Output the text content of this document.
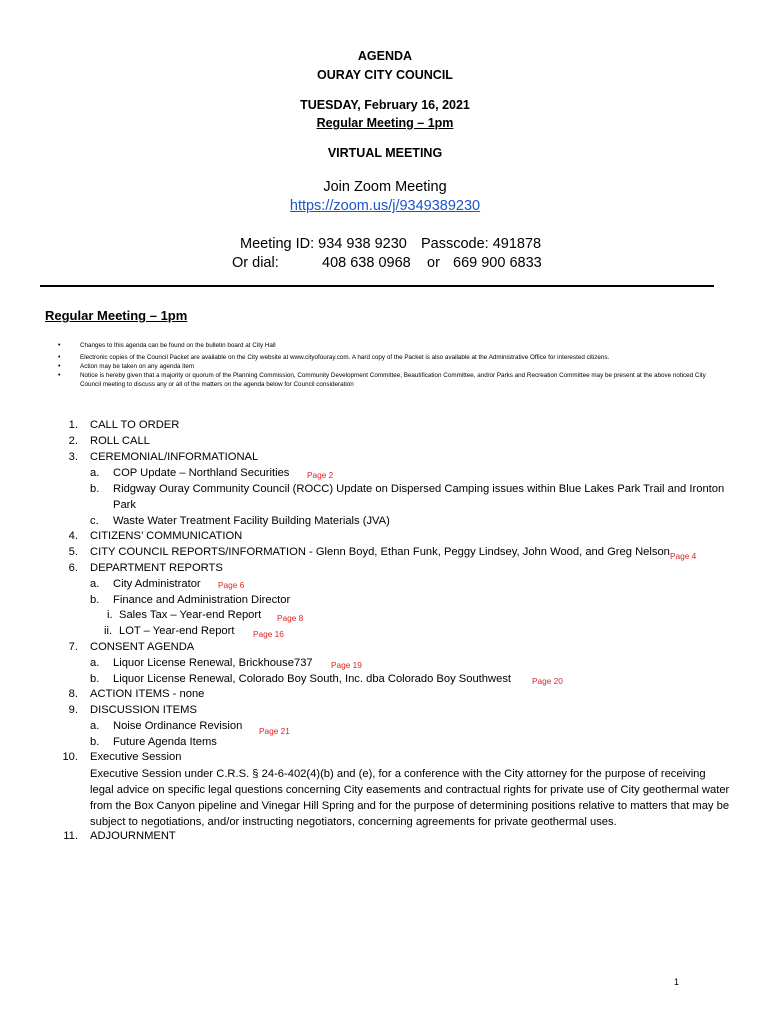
AGENDA
OURAY CITY COUNCIL
TUESDAY, February 16, 2021
Regular Meeting – 1pm
VIRTUAL MEETING
Join Zoom Meeting
https://zoom.us/j/9349389230
Meeting ID: 934 938 9230 Passcode: 491878
Or dial:	408 638 0968 or 669 900 6833
Regular Meeting – 1pm
• Changes to this agenda can be found on the bulletin board at City Hall
• Electronic copies of the Council Packet are available on the City website at www.cityofouray.com. A hard copy of the Packet is also available at the Administrative Office for interested citizens.
• Action may be taken on any agenda item
• Notice is hereby given that a majority or quorum of the Planning Commission, Community Development Committee, Beautification Committee, and/or Parks and Recreation Committee may be present at the above noticed City Council meeting to discuss any or all of the matters on the agenda below for Council consideration
1. CALL TO ORDER
2. ROLL CALL
3. CEREMONIAL/INFORMATIONAL
a. COP Update – Northland Securities Page 2
b. Ridgway Ouray Community Council (ROCC) Update on Dispersed Camping issues within Blue Lakes Park Trail and Ironton
Park
c. Waste Water Treatment Facility Building Materials (JVA)
4. CITIZENS’ COMMUNICATION
5. CITY COUNCIL REPORTS/INFORMATION - Glenn Boyd, Ethan Funk, Peggy Lindsey, John Wood, and Greg Nelson Page 4
6. DEPARTMENT REPORTS
a. City Administrator Page 6
b. Finance and Administration Director
i. Sales Tax – Year-end Report Page 8
ii. LOT – Year-end Report Page 16
7. CONSENT AGENDA
a. Liquor License Renewal, Brickhouse737 Page 19
b. Liquor License Renewal, Colorado Boy South, Inc. dba Colorado Boy Southwest	Page 20
8. ACTION ITEMS - none
9. DISCUSSION ITEMS
a. Noise Ordinance Revision Page 21
b. Future Agenda Items
10. Executive Session
Executive Session under C.R.S. § 24-6-402(4)(b) and (e), for a conference with the City attorney for the purpose of receiving legal advice on specific legal questions concerning City easements and contractual rights for private use of City geothermal water from the Box Canyon pipeline and Vinegar Hill Spring and for the purpose of determining positions relative to matters that may be subject to negotiations, and/or instructing negotiators, concerning agreements for private geothermal uses.
11. ADJOURNMENT
1
